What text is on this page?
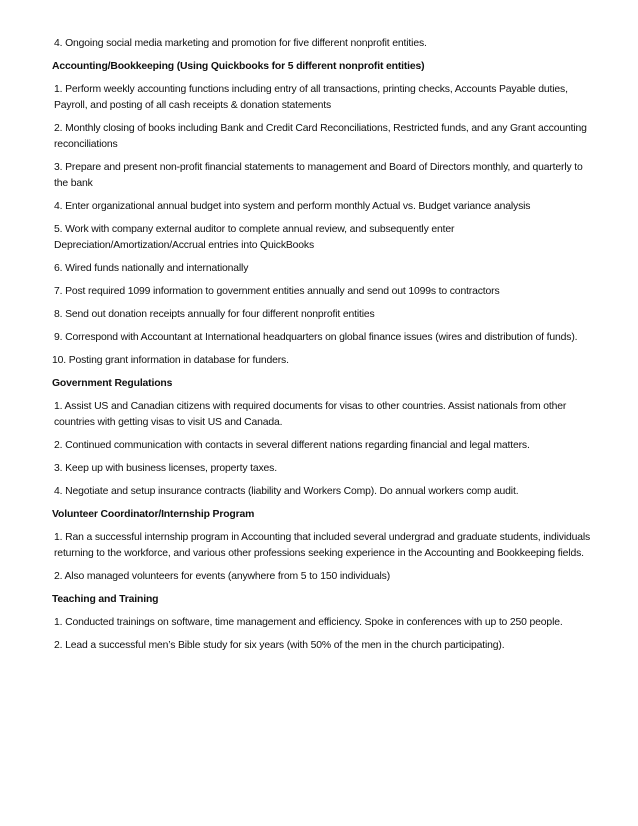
4. Ongoing social media marketing and promotion for five different nonprofit entities.

Accounting/Bookkeeping (Using Quickbooks for 5 different nonprofit entities)

1. Perform weekly accounting functions including entry of all transactions, printing checks, Accounts Payable duties, Payroll, and posting of all cash receipts & donation statements

2. Monthly closing of books including Bank and Credit Card Reconciliations, Restricted funds, and any Grant accounting reconciliations

3. Prepare and present non-profit financial statements to management and Board of Directors monthly, and quarterly to the bank

4. Enter organizational annual budget into system and perform monthly Actual vs. Budget variance analysis

5. Work with company external auditor to complete annual review, and subsequently enter Depreciation/Amortization/Accrual entries into QuickBooks

6. Wired funds nationally and internationally

7. Post required 1099 information to government entities annually and send out 1099s to contractors

8. Send out donation receipts annually for four different nonprofit entities

9. Correspond with Accountant at International headquarters on global finance issues (wires and distribution of funds).

10. Posting grant information in database for funders.

Government Regulations

1. Assist US and Canadian citizens with required documents for visas to other countries. Assist nationals from other countries with getting visas to visit US and Canada.

2. Continued communication with contacts in several different nations regarding financial and legal matters.

3. Keep up with business licenses, property taxes.

4. Negotiate and setup insurance contracts (liability and Workers Comp). Do annual workers comp audit.

Volunteer Coordinator/Internship Program

1. Ran a successful internship program in Accounting that included several undergrad and graduate students, individuals returning to the workforce, and various other professions seeking experience in the Accounting and Bookkeeping fields.

2. Also managed volunteers for events (anywhere from 5 to 150 individuals)

Teaching and Training

1. Conducted trainings on software, time management and efficiency. Spoke in conferences with up to 250 people.

2. Lead a successful men’s Bible study for six years (with 50% of the men in the church participating).
